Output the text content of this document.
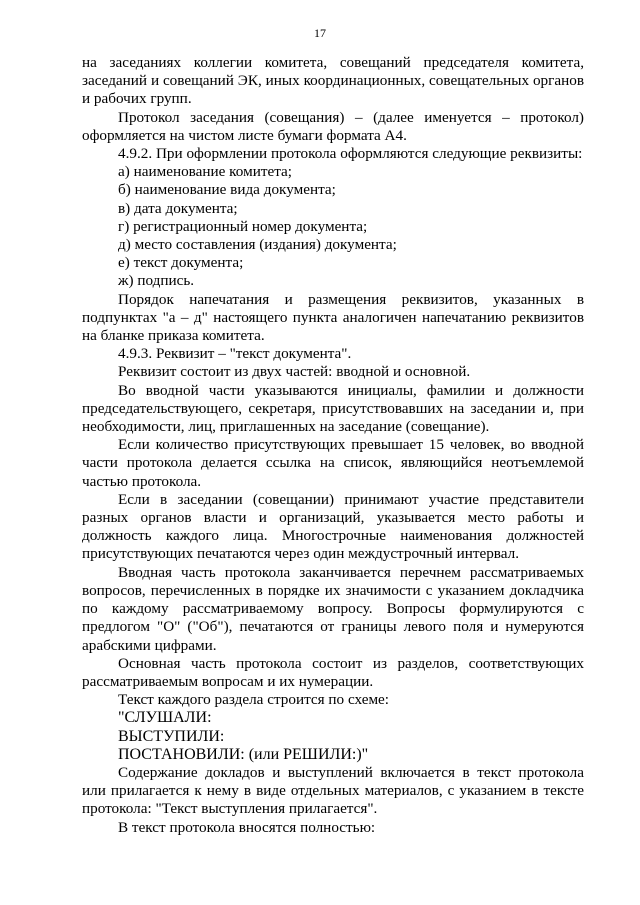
17

на заседаниях коллегии комитета, совещаний председателя комитета, заседаний и совещаний ЭК, иных координационных, совещательных органов и рабочих групп.

Протокол заседания (совещания) – (далее именуется – протокол) оформляется на чистом листе бумаги формата А4.

4.9.2. При оформлении протокола оформляются следующие реквизиты:

а) наименование комитета;

б) наименование вида документа;

в) дата документа;

г) регистрационный номер документа;

д) место составления (издания) документа;

е) текст документа;

ж) подпись.

Порядок напечатания и размещения реквизитов, указанных в подпунктах "а – д" настоящего пункта аналогичен напечатанию реквизитов на бланке приказа комитета.

4.9.3. Реквизит – "текст документа".

Реквизит состоит из двух частей: вводной и основной.

Во вводной части указываются инициалы, фамилии и должности председательствующего, секретаря, присутствовавших на заседании и, при необходимости, лиц, приглашенных на заседание (совещание).

Если количество присутствующих превышает 15 человек, во вводной части протокола делается ссылка на список, являющийся неотъемлемой частью протокола.

Если в заседании (совещании) принимают участие представители разных органов власти и организаций, указывается место работы и должность каждого лица. Многострочные наименования должностей присутствующих печатаются через один междустрочный интервал.

Вводная часть протокола заканчивается перечнем рассматриваемых вопросов, перечисленных в порядке их значимости с указанием докладчика по каждому рассматриваемому вопросу. Вопросы формулируются с предлогом "О" ("Об"), печатаются от границы левого поля и нумеруются арабскими цифрами.

Основная часть протокола состоит из разделов, соответствующих рассматриваемым вопросам и их нумерации.

Текст каждого раздела строится по схеме:

"СЛУШАЛИ:

ВЫСТУПИЛИ:

ПОСТАНОВИЛИ: (или РЕШИЛИ:)"

Содержание докладов и выступлений включается в текст протокола или прилагается к нему в виде отдельных материалов, с указанием в тексте протокола: "Текст выступления прилагается".

В текст протокола вносятся полностью:
